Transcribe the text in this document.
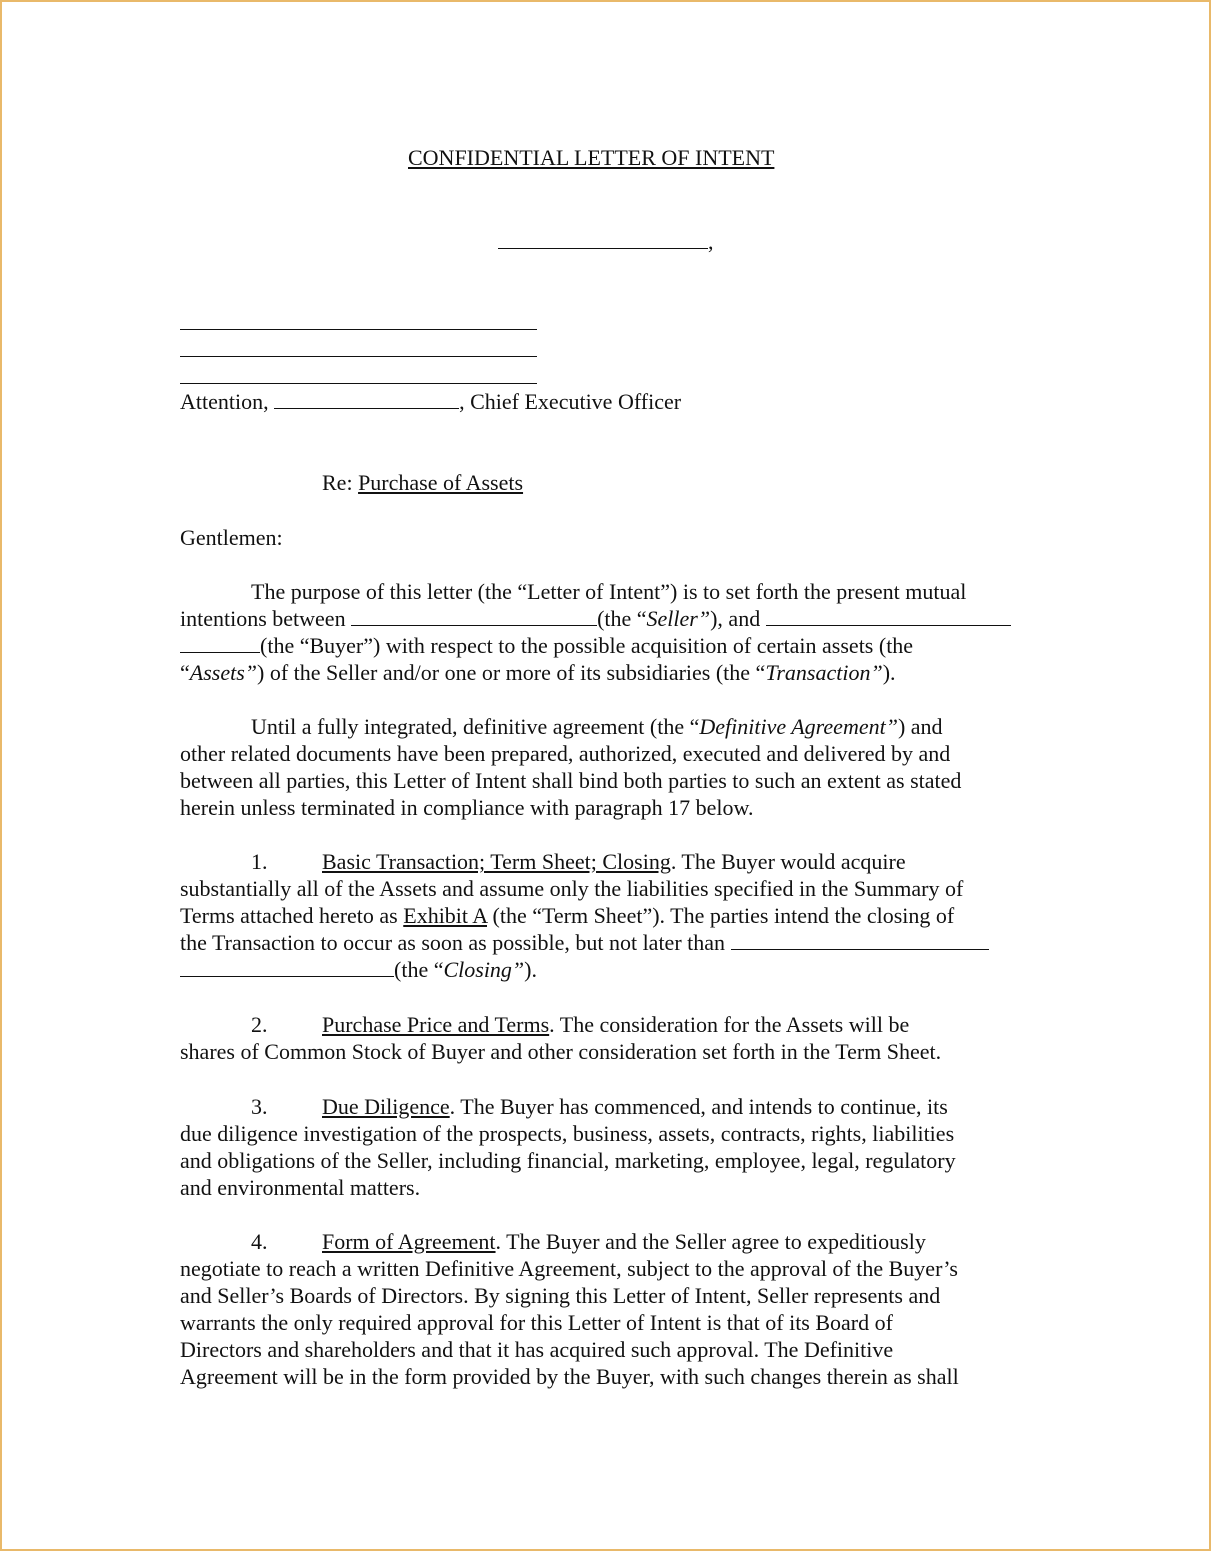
CONFIDENTIAL LETTER OF INTENT
,
Attention,	, Chief Executive Officer
Re: Purchase of Assets
Gentlemen:
The purpose of this letter (the “Letter of Intent”) is to set forth the present mutual
intentions between	(the “Seller”), and
(the “Buyer”) with respect to the possible acquisition of certain assets (the
“Assets”) of the Seller and/or one or more of its subsidiaries (the “Transaction”).
Until a fully integrated, definitive agreement (the “Definitive Agreement”) and
other related documents have been prepared, authorized, executed and delivered by and
between all parties, this Letter of Intent shall bind both parties to such an extent as stated
herein unless terminated in compliance with paragraph 17 below.
1. Basic Transaction; Term Sheet; Closing. The Buyer would acquire
substantially all of the Assets and assume only the liabilities specified in the Summary of
Terms attached hereto as Exhibit A (the “Term Sheet”). The parties intend the closing of
the Transaction to occur as soon as possible, but not later than
(the “Closing”).
2. Purchase Price and Terms. The consideration for the Assets will be
shares of Common Stock of Buyer and other consideration set forth in the Term Sheet.
3. Due Diligence. The Buyer has commenced, and intends to continue, its
due diligence investigation of the prospects, business, assets, contracts, rights, liabilities
and obligations of the Seller, including financial, marketing, employee, legal, regulatory
and environmental matters.
4. Form of Agreement. The Buyer and the Seller agree to expeditiously
negotiate to reach a written Definitive Agreement, subject to the approval of the Buyer’s
and Seller’s Boards of Directors. By signing this Letter of Intent, Seller represents and
warrants the only required approval for this Letter of Intent is that of its Board of
Directors and shareholders and that it has acquired such approval. The Definitive
Agreement will be in the form provided by the Buyer, with such changes therein as shall
